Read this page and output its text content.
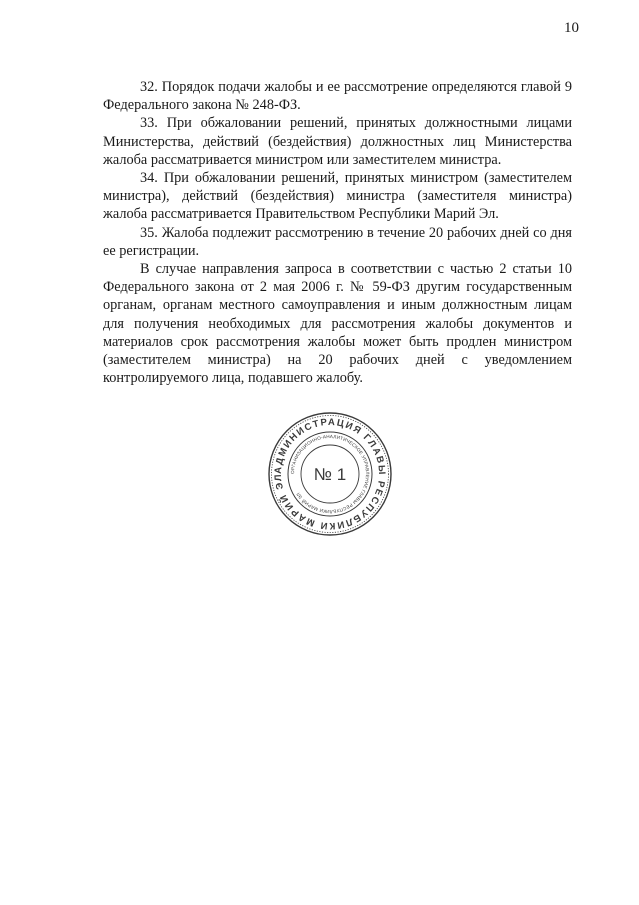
10

32. Порядок подачи жалобы и ее рассмотрение определяются главой 9 Федерального закона № 248-ФЗ.

33. При обжаловании решений, принятых должностными лицами Министерства, действий (бездействия) должностных лиц Министерства жалоба рассматривается министром или заместителем министра.

34. При обжаловании решений, принятых министром (заместителем министра), действий (бездействия) министра (заместителя министра) жалоба рассматривается Правительством Республики Марий Эл.

35. Жалоба подлежит рассмотрению в течение 20 рабочих дней со дня ее регистрации.

В случае направления запроса в соответствии с частью 2 статьи 10 Федерального закона от 2 мая 2006 г. № 59-ФЗ другим государственным органам, органам местного самоуправления и иным должностным лицам для получения необходимых для рассмотрения жалобы документов и материалов срок рассмотрения жалобы может быть продлен министром (заместителем министра) на 20 рабочих дней с уведомлением контролируемого лица, подавшего жалобу.

АДМИНИСТРАЦИЯ ГЛАВЫ РЕСПУБЛИКИ МАРИЙ ЭЛ
ОРГАНИЗАЦИОННО-АНАЛИТИЧЕСКОЕ УПРАВЛЕНИЕ ГЛАВЫ РЕСПУБЛИКИ МАРИЙ ЭЛ
№ 1
